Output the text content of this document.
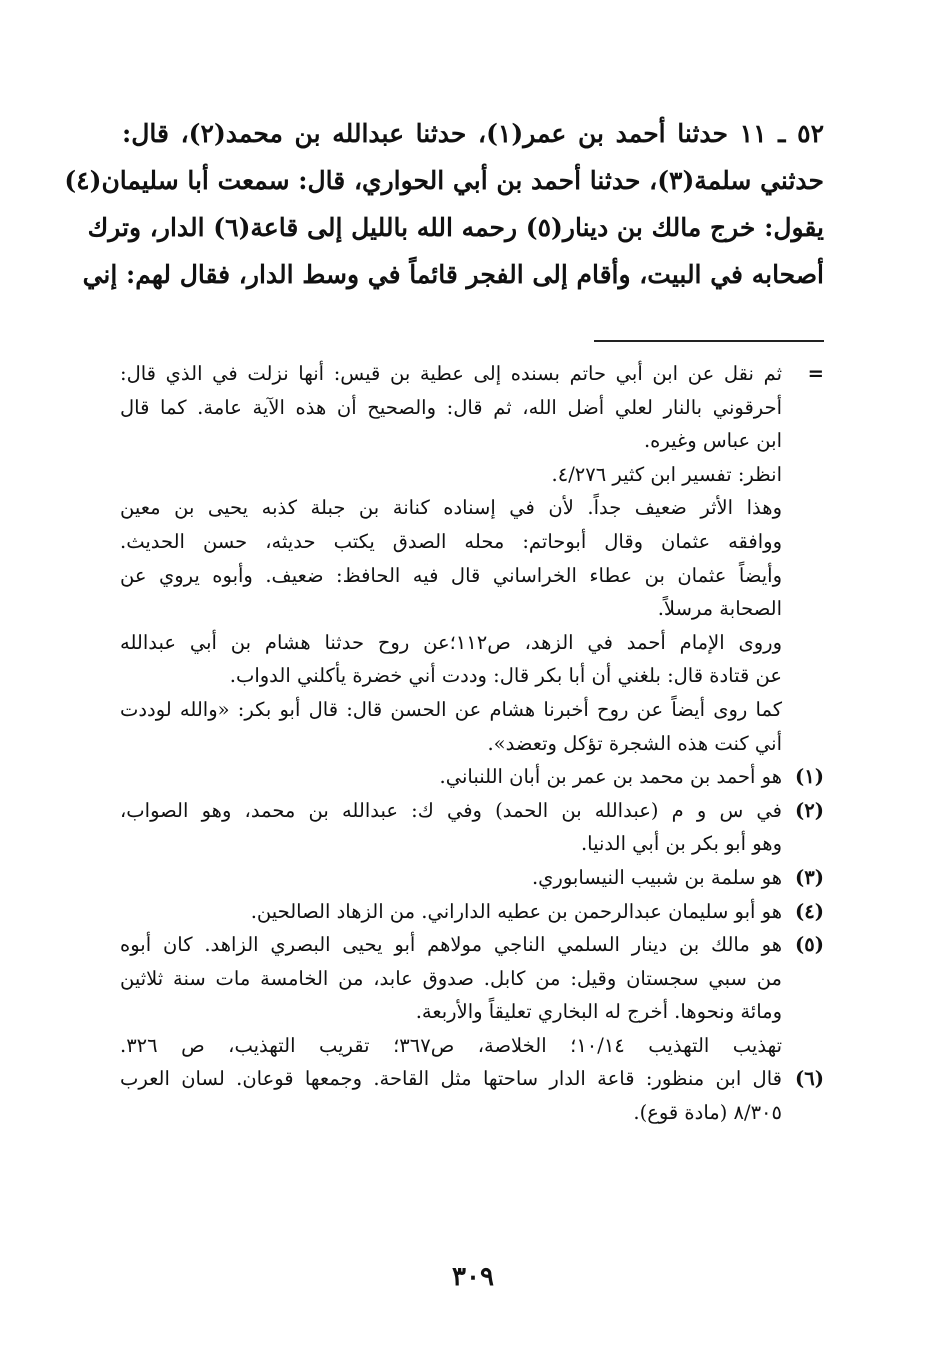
٥٢ ـ ١١ حدثنا أحمد بن عمر(١)، حدثنا عبدالله بن محمد(٢)، قال:
حدثني سلمة(٣)، حدثنا أحمد بن أبي الحواري، قال: سمعت أبا سليمان(٤)
يقول: خرج مالك بن دينار(٥) رحمه الله بالليل إلى قاعة(٦) الدار، وترك
أصحابه في البيت، وأقام إلى الفجر قائماً في وسط الدار، فقال لهم: إني
=
ثم نقل عن ابن أبي حاتم بسنده إلى عطية بن قيس: أنها نزلت في الذي قال:
أحرقوني بالنار لعلي أضل الله، ثم قال: والصحيح أن هذه الآية عامة. كما قال
ابن عباس وغيره.
انظر: تفسير ابن كثير ٤/٢٧٦.
وهذا الأثر ضعيف جداً. لأن في إسناده كنانة بن جبلة كذبه يحيى بن معين
ووافقه عثمان وقال أبوحاتم: محله الصدق يكتب حديثه، حسن الحديث.
وأيضاً عثمان بن عطاء الخراساني قال فيه الحافظ: ضعيف. وأبوه يروي عن
الصحابة مرسلاً.
وروى الإمام أحمد في الزهد، ص١١٢؛عن روح حدثنا هشام بن أبي عبدالله
عن قتادة قال: بلغني أن أبا بكر قال: وددت أني خضرة يأكلني الدواب.
كما روى أيضاً عن روح أخبرنا هشام عن الحسن قال: قال أبو بكر: «والله لوددت
أني كنت هذه الشجرة تؤكل وتعضد».
(١)
هو أحمد بن محمد بن عمر بن أبان اللنباني.
(٢)
في س و م (عبدالله بن الحمد) وفي ك: عبدالله بن محمد، وهو الصواب،
وهو أبو بكر بن أبي الدنيا.
(٣)
هو سلمة بن شبيب النيسابوري.
(٤)
هو أبو سليمان عبدالرحمن بن عطيه الداراني. من الزهاد الصالحين.
(٥)
هو مالك بن دينار السلمي الناجي مولاهم أبو يحيى البصري الزاهد. كان أبوه
من سبي سجستان وقيل: من كابل. صدوق عابد، من الخامسة مات سنة ثلاثين
ومائة ونحوها. أخرج له البخاري تعليقاً والأربعة.
تهذيب التهذيب ١٠/١٤؛ الخلاصة، ص٣٦٧؛ تقريب التهذيب، ص ٣٢٦.
(٦)
قال ابن منظور: قاعة الدار ساحتها مثل القاحة. وجمعها قوعان. لسان العرب
٨/٣٠٥ (مادة قوع).
٣٠٩
